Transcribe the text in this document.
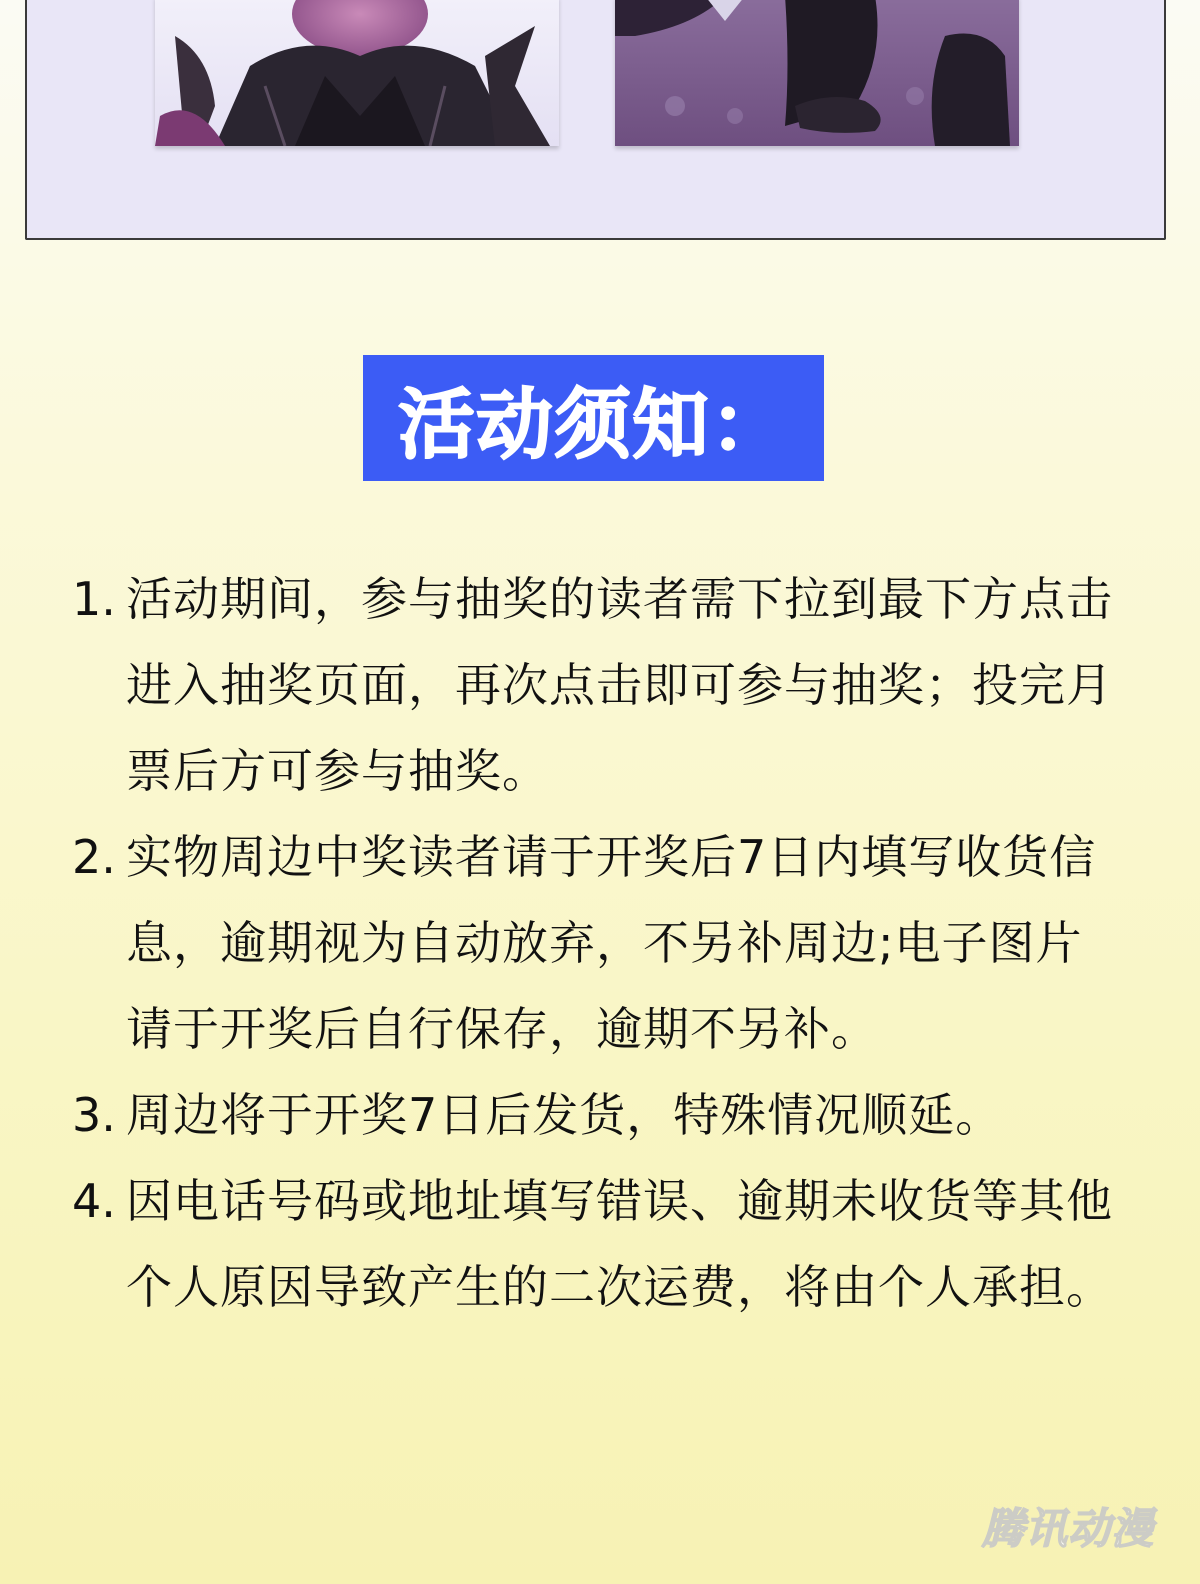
活动须知：
1. 活动期间，参与抽奖的读者需下拉到最下方点击进入抽奖页面，再次点击即可参与抽奖；投完月票后方可参与抽奖。
2. 实物周边中奖读者请于开奖后7日内填写收货信息，逾期视为自动放弃，不另补周边;电子图片请于开奖后自行保存，逾期不另补。
3. 周边将于开奖7日后发货，特殊情况顺延。
4. 因电话号码或地址填写错误、逾期未收货等其他个人原因导致产生的二次运费，将由个人承担。
腾讯动漫
